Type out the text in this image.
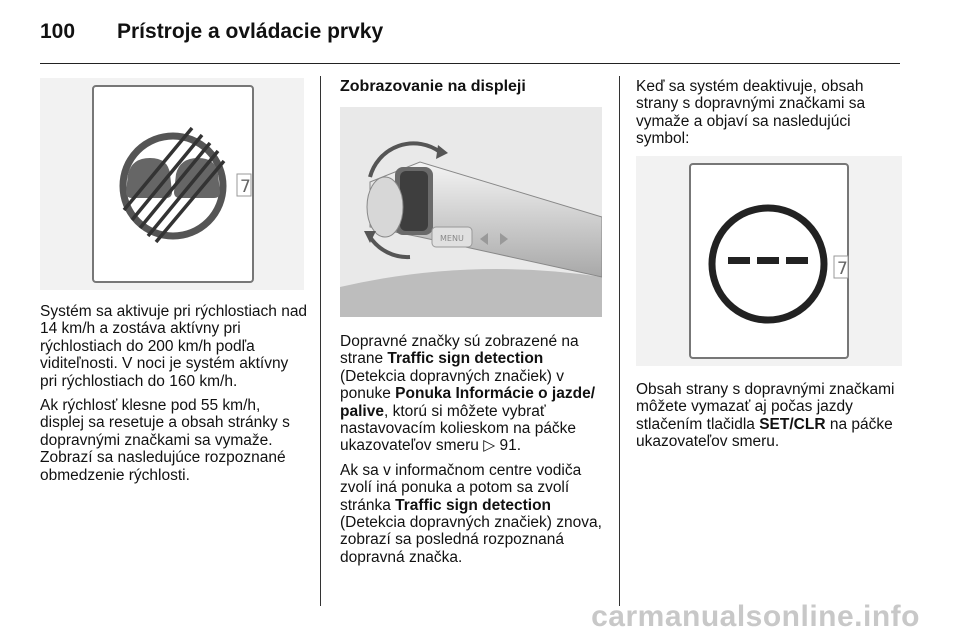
100 Prístroje a ovládacie prvky
7

Systém sa aktivuje pri rýchlostiach nad 14 km/h a zostáva aktívny pri rýchlostiach do 200 km/h podľa viditeľnosti. V noci je systém aktívny pri rýchlostiach do 160 km/h.

Ak rýchlosť klesne pod 55 km/h, displej sa resetuje a obsah stránky s dopravnými značkami sa vymaže. Zobrazí sa nasledujúce rozpoznané obmedzenie rýchlosti.

Zobrazovanie na displeji
MENU

Dopravné značky sú zobrazené na strane Traffic sign detection (Detekcia dopravných značiek) v ponuke Ponuka Informácie o jazde/ palive, ktorú si môžete vybrať nastavovacím kolieskom na páčke ukazovateľov smeru ▷ 91.

Ak sa v informačnom centre vodiča zvolí iná ponuka a potom sa zvolí stránka Traffic sign detection (Detekcia dopravných značiek) znova, zobrazí sa posledná rozpoznaná dopravná značka.

Keď sa systém deaktivuje, obsah strany s dopravnými značkami sa vymaže a objaví sa nasledujúci symbol:

7

Obsah strany s dopravnými značkami môžete vymazať aj počas jazdy stlačením tlačidla SET/CLR na páčke ukazovateľov smeru.

carmanualsonline.info
